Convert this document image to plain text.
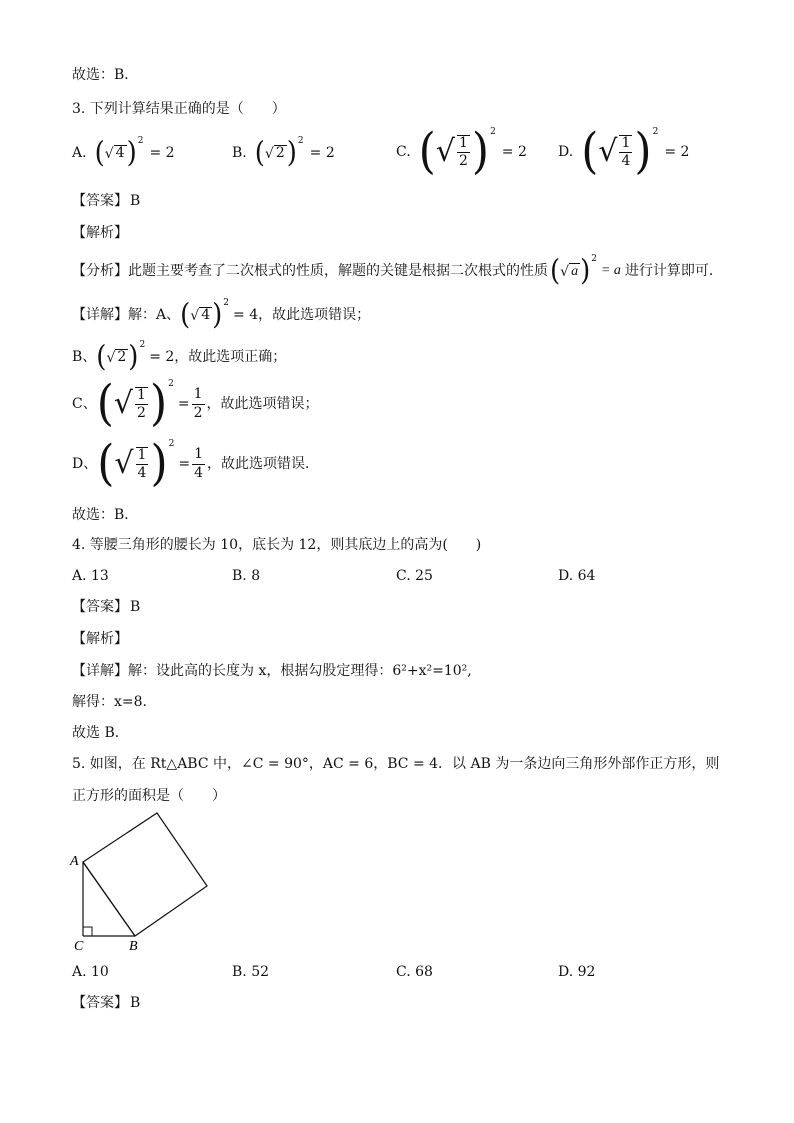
故选：B．
3. 下列计算结果正确的是（　　）
A. ( √ 4 )$^2$
= 2	B. ( √ 2 )$^2$
= 2	C. ( √ $\frac{1}{2} )^2$
= 2 D. ( √ $\frac{1}{4} )^2$
= 2
【答案】 B
【解析】
【分析】 此题主要考查了二次根式的性质，解题的关键是根据二次根式的性质 ( √ a )$^2$
= a 进行计算即可．
【详解】 解：A、 ( √ 4 )$^2$
= 4 ，故此选项错误；
B、 ( √ 2 )$^2$
= 2 ，故此选项正确；
C、 ( √ $\frac{1}{2} )^2$
= $\frac{1}{2}$ ，故此选项错误；
D、 ( √ $\frac{1}{4} )^2$
= $\frac{1}{4}$ ，故此选项错误．
故选：B．
4. 等腰三角形的腰长为 10，底长为 12，则其底边上的高为(　　)
A. 13	B. 8	C. 25	D. 64
【答案】 B
【解析】
【详解】 解：设此高的长度为 x，根据勾股定理得：6²+x²=10²,
解得：x=8.
故选 B．
5. 如图，在 Rt△ABC 中，∠C = 90°，AC = 6，BC = 4．以 AB 为一条边向三角形外部作正方形，则
正方形的面积是（　　）
A
C	B
A. 10	B. 52	C. 68	D. 92
【答案】 B
